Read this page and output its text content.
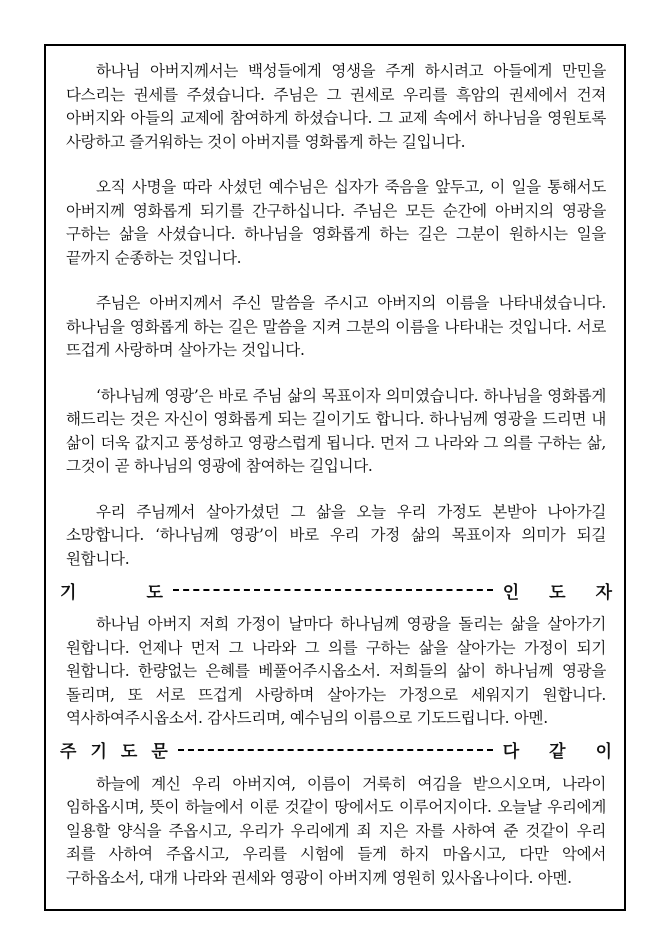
하나님 아버지께서는 백성들에게 영생을 주게 하시려고 아들에게 만민을 다스리는 권세를 주셨습니다. 주님은 그 권세로 우리를 흑암의 권세에서 건져 아버지와 아들의 교제에 참여하게 하셨습니다. 그 교제 속에서 하나님을 영원토록 사랑하고 즐거워하는 것이 아버지를 영화롭게 하는 길입니다.

오직 사명을 따라 사셨던 예수님은 십자가 죽음을 앞두고, 이 일을 통해서도 아버지께 영화롭게 되기를 간구하십니다. 주님은 모든 순간에 아버지의 영광을 구하는 삶을 사셨습니다. 하나님을 영화롭게 하는 길은 그분이 원하시는 일을 끝까지 순종하는 것입니다.

주님은 아버지께서 주신 말씀을 주시고 아버지의 이름을 나타내셨습니다. 하나님을 영화롭게 하는 길은 말씀을 지켜 그분의 이름을 나타내는 것입니다. 서로 뜨겁게 사랑하며 살아가는 것입니다.

‘하나님께 영광’은 바로 주님 삶의 목표이자 의미였습니다. 하나님을 영화롭게 해드리는 것은 자신이 영화롭게 되는 길이기도 합니다. 하나님께 영광을 드리면 내 삶이 더욱 값지고 풍성하고 영광스럽게 됩니다. 먼저 그 나라와 그 의를 구하는 삶, 그것이 곧 하나님의 영광에 참여하는 길입니다.

우리 주님께서 살아가셨던 그 삶을 오늘 우리 가정도 본받아 나아가길 소망합니다. ‘하나님께 영광’이 바로 우리 가정 삶의 목표이자 의미가 되길 원합니다.

기	도	인 도 자

하나님 아버지 저희 가정이 날마다 하나님께 영광을 돌리는 삶을 살아가기 원합니다. 언제나 먼저 그 나라와 그 의를 구하는 삶을 살아가는 가정이 되기 원합니다. 한량없는 은혜를 베풀어주시옵소서. 저희들의 삶이 하나님께 영광을 돌리며, 또 서로 뜨겁게 사랑하며 살아가는 가정으로 세워지기 원합니다. 역사하여주시옵소서. 감사드리며, 예수님의 이름으로 기도드립니다. 아멘.

주 기 도 문	다 같 이

하늘에 계신 우리 아버지여, 이름이 거룩히 여김을 받으시오며, 나라이 임하옵시며, 뜻이 하늘에서 이룬 것같이 땅에서도 이루어지이다. 오늘날 우리에게 일용할 양식을 주옵시고, 우리가 우리에게 죄 지은 자를 사하여 준 것같이 우리 죄를 사하여 주옵시고, 우리를 시험에 들게 하지 마옵시고, 다만 악에서 구하옵소서, 대개 나라와 권세와 영광이 아버지께 영원히 있사옵나이다. 아멘.
